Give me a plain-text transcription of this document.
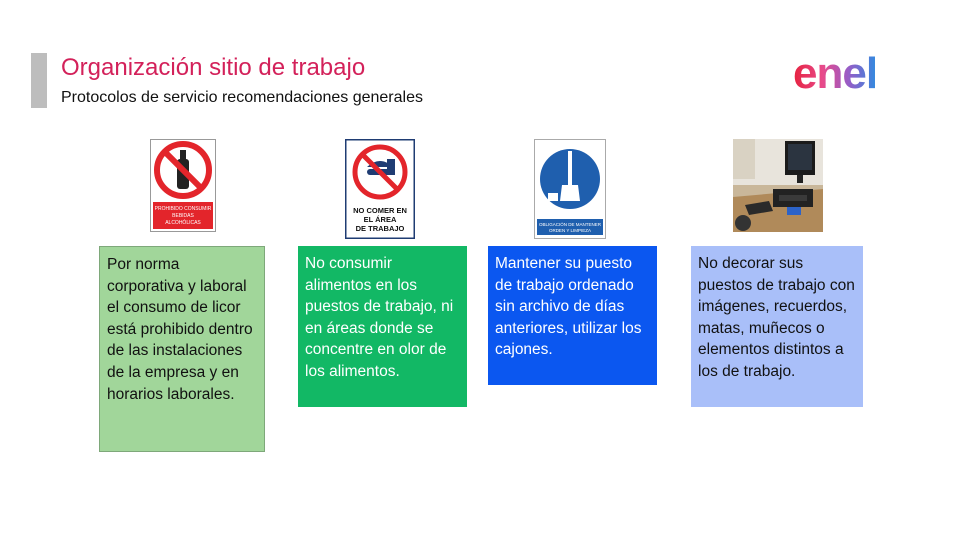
Organización sitio de trabajo
Protocolos de servicio recomendaciones generales	enel
PROHIBIDO CONSUMIR
BEBIDAS
ALCOHÓLICAS
NO COMER EN
EL ÁREA
DE TRABAJO	OBLIGACIÓN DE MANTENER
ORDEN Y LIMPIEZA
Por norma corporativa y laboral el consumo de licor está prohibido dentro de las instalaciones de la empresa y en horarios laborales.
No consumir alimentos en los puestos de trabajo, ni en áreas donde se concentre en olor de los alimentos.
Mantener su puesto de trabajo ordenado sin archivo de días anteriores, utilizar los cajones.
No decorar sus puestos de trabajo con imágenes, recuerdos, matas, muñecos o elementos distintos a los de trabajo.
